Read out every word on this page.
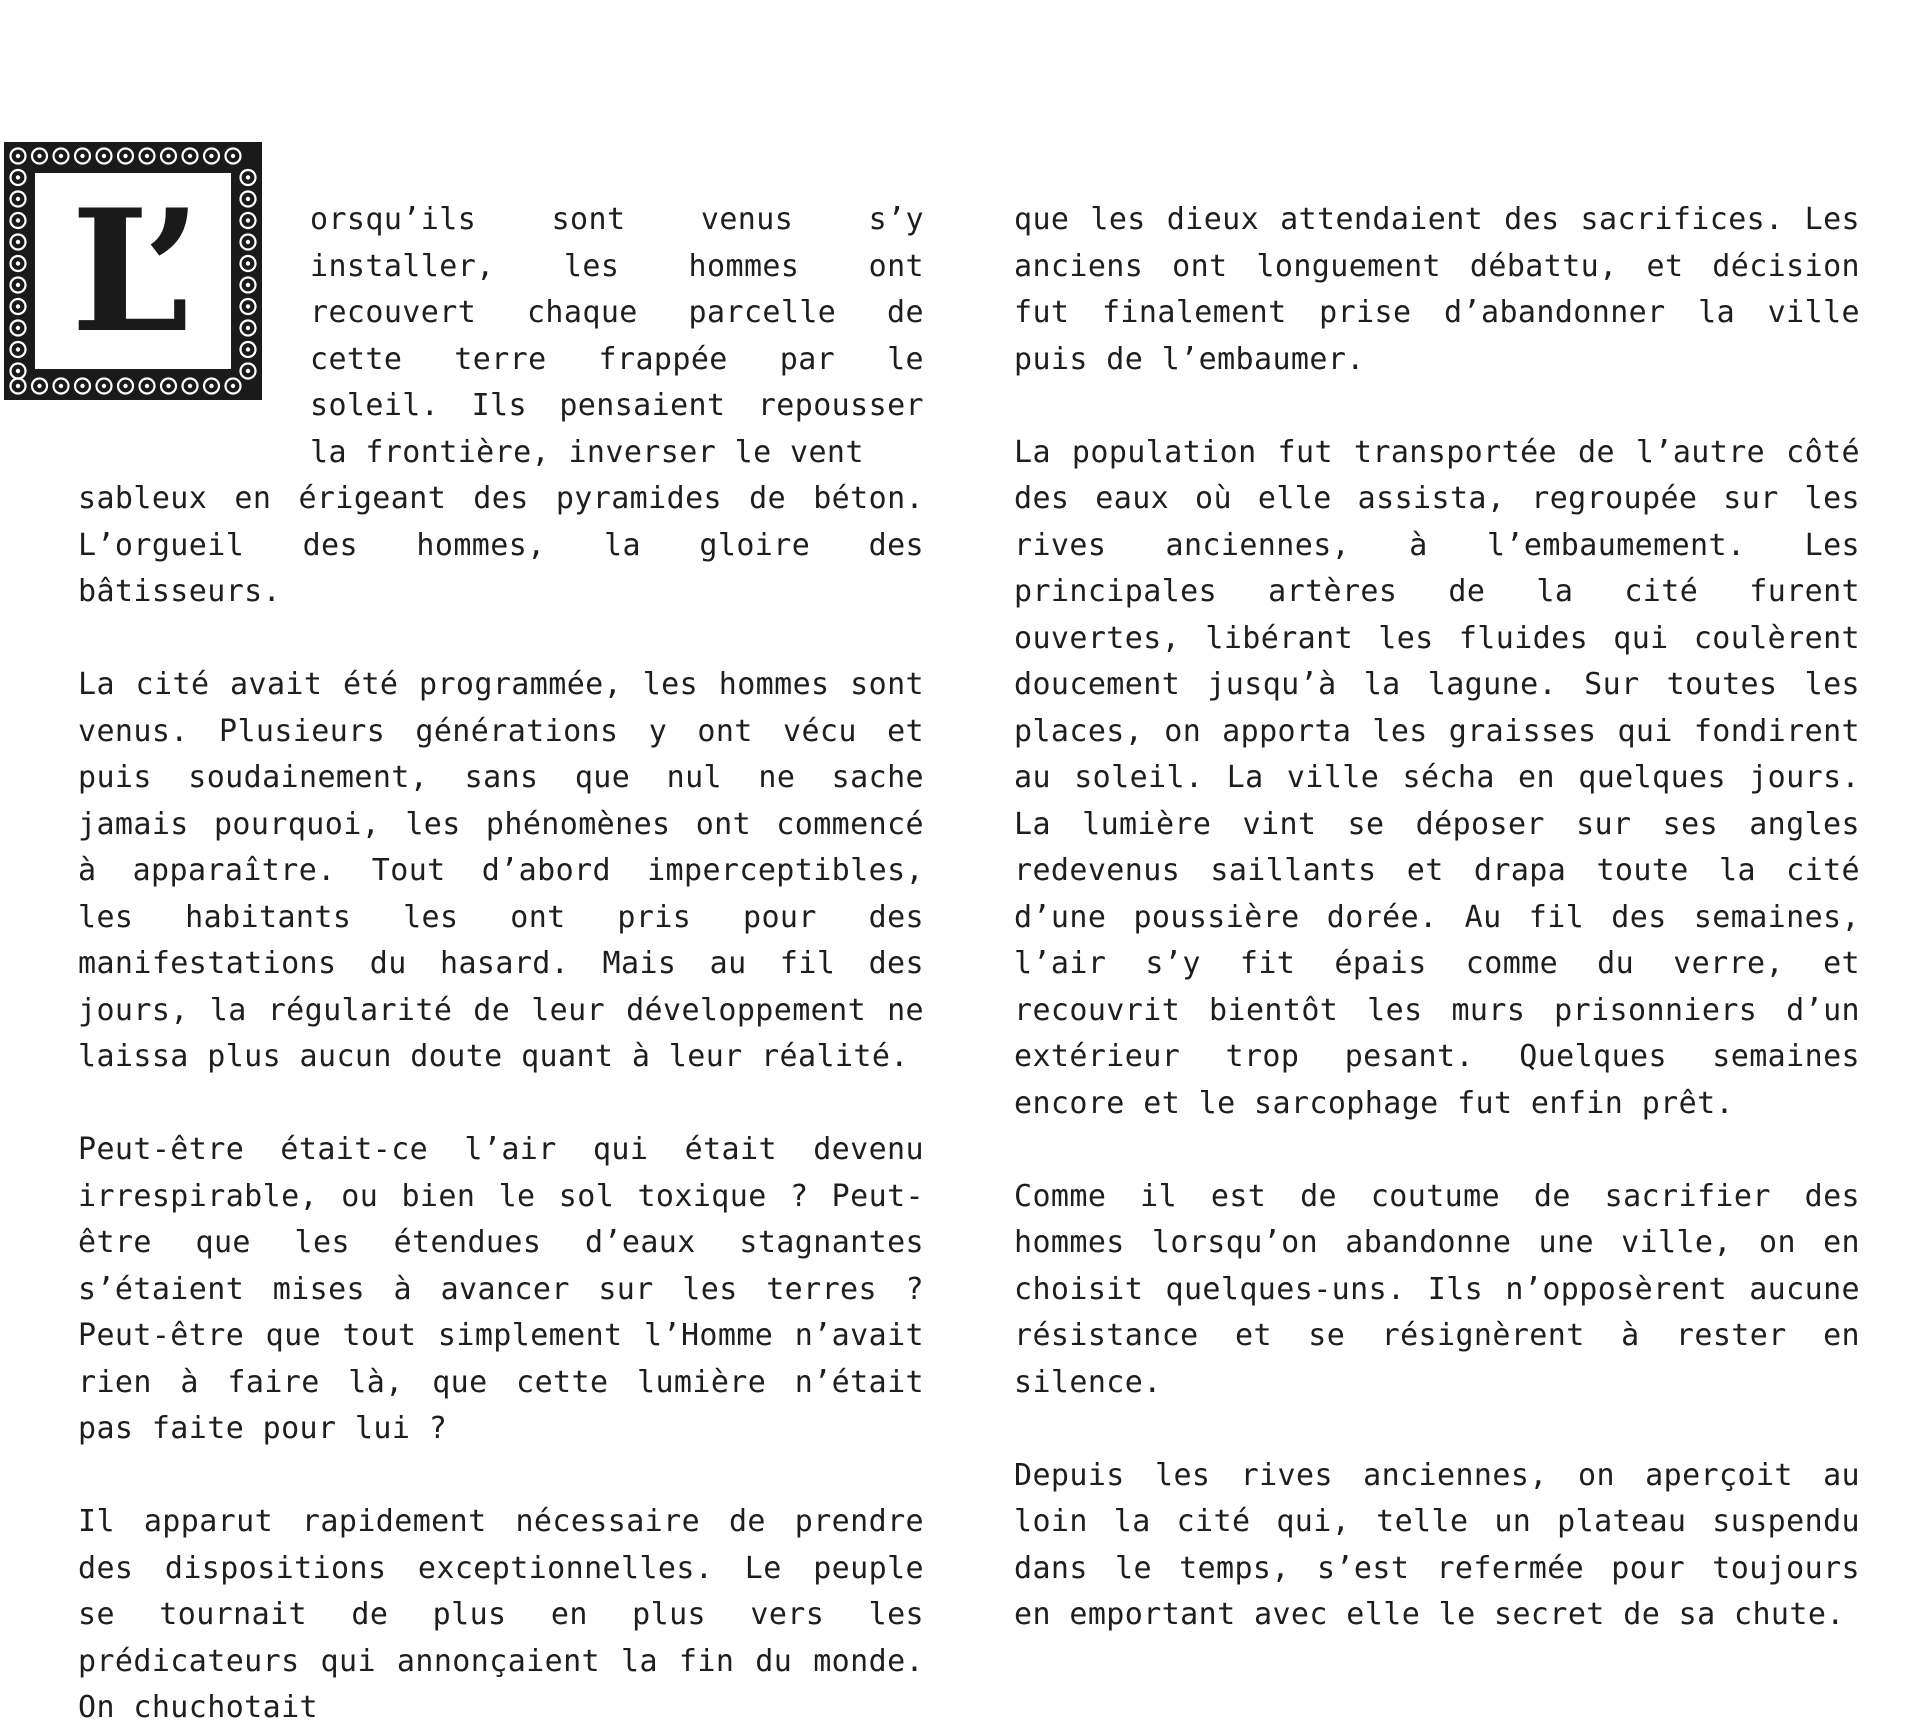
L’	orsqu’ils sont venus s’y installer, les hommes ont recouvert chaque parcelle de cette terre frappée par le soleil. Ils pensaient repousser la frontière, inverser le vent
sableux en érigeant des pyramides de béton. L’orgueil des hommes, la gloire des bâtisseurs.

La cité avait été programmée, les hommes sont venus. Plusieurs générations y ont vécu et puis soudainement, sans que nul ne sache jamais pourquoi, les phénomènes ont commencé à apparaître. Tout d’abord imperceptibles, les habitants les ont pris pour des manifestations du hasard. Mais au fil des jours, la régularité de leur développement ne laissa plus aucun doute quant à leur réalité.

Peut-être était-ce l’air qui était devenu irrespirable, ou bien le sol toxique ? Peut-être que les étendues d’eaux stagnantes s’étaient mises à avancer sur les terres ? Peut-être que tout simplement l’Homme n’avait rien à faire là, que cette lumière n’était pas faite pour lui ?

Il apparut rapidement nécessaire de prendre des dispositions exceptionnelles. Le peuple se tournait de plus en plus vers les prédicateurs qui annonçaient la fin du monde. On chuchotait

que les dieux attendaient des sacrifices. Les anciens ont longuement débattu, et décision fut finalement prise d’abandonner la ville puis de l’embaumer.

La population fut transportée de l’autre côté des eaux où elle assista, regroupée sur les rives anciennes, à l’embaumement. Les principales artères de la cité furent ouvertes, libérant les fluides qui coulèrent doucement jusqu’à la lagune. Sur toutes les places, on apporta les graisses qui fondirent au soleil. La ville sécha en quelques jours. La lumière vint se déposer sur ses angles redevenus saillants et drapa toute la cité d’une poussière dorée. Au fil des semaines, l’air s’y fit épais comme du verre, et recouvrit bientôt les murs prisonniers d’un extérieur trop pesant. Quelques semaines encore et le sarcophage fut enfin prêt.

Comme il est de coutume de sacrifier des hommes lorsqu’on abandonne une ville, on en choisit quelques-uns. Ils n’opposèrent aucune résistance et se résignèrent à rester en silence.

Depuis les rives anciennes, on aperçoit au loin la cité qui, telle un plateau suspendu dans le temps, s’est refermée pour toujours en emportant avec elle le secret de sa chute.
